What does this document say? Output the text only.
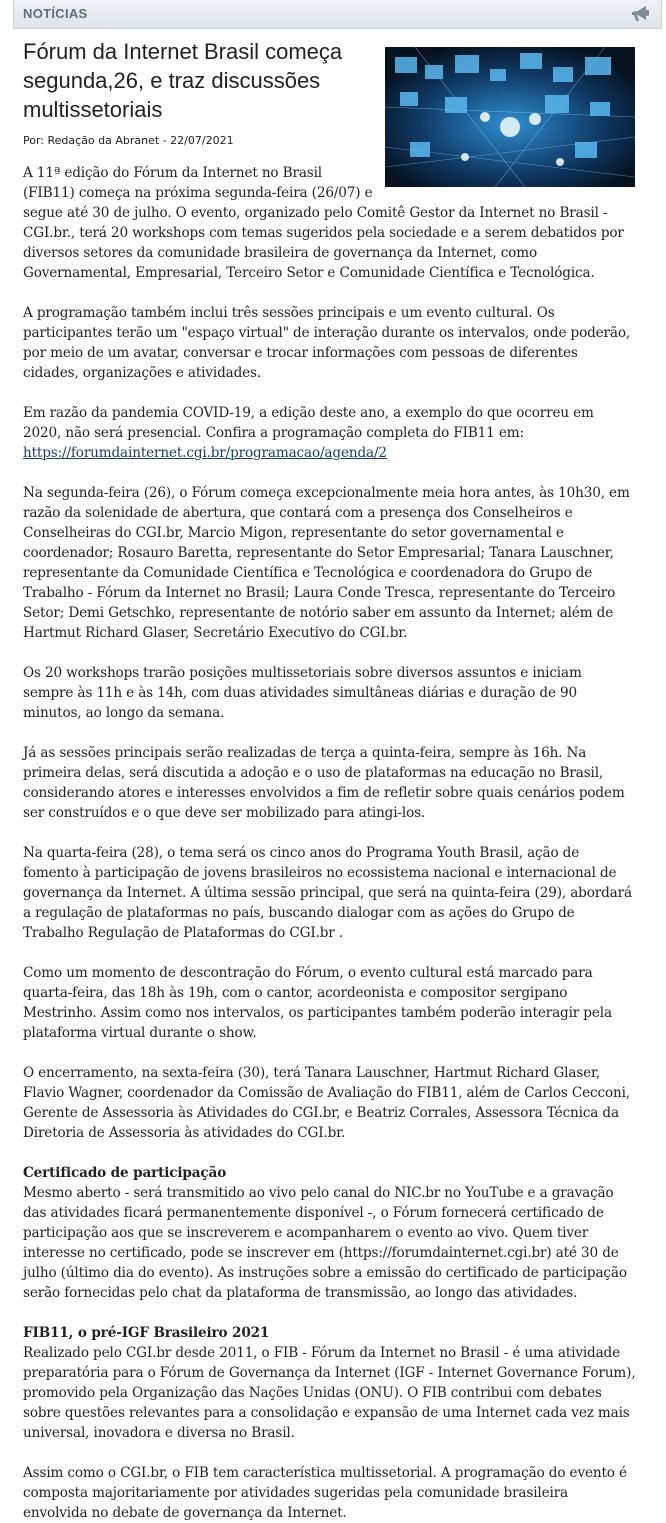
NOTÍCIAS
Fórum da Internet Brasil começa segunda,26, e traz discussões multissetoriais
Por: Redação da Abranet - 22/07/2021

A 11ª edição do Fórum da Internet no Brasil (FIB11) começa na próxima segunda-feira (26/07) e segue até 30 de julho. O evento, organizado pelo Comitê Gestor da Internet no Brasil - CGI.br., terá 20 workshops com temas sugeridos pela sociedade e a serem debatidos por diversos setores da comunidade brasileira de governança da Internet, como Governamental, Empresarial, Terceiro Setor e Comunidade Científica e Tecnológica.

A programação também inclui três sessões principais e um evento cultural. Os participantes terão um "espaço virtual" de interação durante os intervalos, onde poderão, por meio de um avatar, conversar e trocar informações com pessoas de diferentes cidades, organizações e atividades.

Em razão da pandemia COVID-19, a edição deste ano, a exemplo do que ocorreu em 2020, não será presencial. Confira a programação completa do FIB11 em: https://forumdainternet.cgi.br/programacao/agenda/2

Na segunda-feira (26), o Fórum começa excepcionalmente meia hora antes, às 10h30, em razão da solenidade de abertura, que contará com a presença dos Conselheiros e Conselheiras do CGI.br, Marcio Migon, representante do setor governamental e coordenador; Rosauro Baretta, representante do Setor Empresarial; Tanara Lauschner, representante da Comunidade Científica e Tecnológica e coordenadora do Grupo de Trabalho - Fórum da Internet no Brasil; Laura Conde Tresca, representante do Terceiro Setor; Demi Getschko, representante de notório saber em assunto da Internet; além de Hartmut Richard Glaser, Secretário Executivo do CGI.br.

Os 20 workshops trarão posições multissetoriais sobre diversos assuntos e iniciam sempre às 11h e às 14h, com duas atividades simultâneas diárias e duração de 90 minutos, ao longo da semana.

Já as sessões principais serão realizadas de terça a quinta-feira, sempre às 16h. Na primeira delas, será discutida a adoção e o uso de plataformas na educação no Brasil, considerando atores e interesses envolvidos a fim de refletir sobre quais cenários podem ser construídos e o que deve ser mobilizado para atingi-los.

Na quarta-feira (28), o tema será os cinco anos do Programa Youth Brasil, ação de fomento à participação de jovens brasileiros no ecossistema nacional e internacional de governança da Internet. A última sessão principal, que será na quinta-feira (29), abordará a regulação de plataformas no país, buscando dialogar com as ações do Grupo de Trabalho Regulação de Plataformas do CGI.br .

Como um momento de descontração do Fórum, o evento cultural está marcado para quarta-feira, das 18h às 19h, com o cantor, acordeonista e compositor sergipano Mestrinho. Assim como nos intervalos, os participantes também poderão interagir pela plataforma virtual durante o show.

O encerramento, na sexta-feira (30), terá Tanara Lauschner, Hartmut Richard Glaser, Flavio Wagner, coordenador da Comissão de Avaliação do FIB11, além de Carlos Cecconi, Gerente de Assessoria às Atividades do CGI.br, e Beatriz Corrales, Assessora Técnica da Diretoria de Assessoria às atividades do CGI.br.

Certificado de participação
Mesmo aberto - será transmitido ao vivo pelo canal do NIC.br no YouTube e a gravação das atividades ficará permanentemente disponível -, o Fórum fornecerá certificado de participação aos que se inscreverem e acompanharem o evento ao vivo. Quem tiver interesse no certificado, pode se inscrever em (https://forumdainternet.cgi.br) até 30 de julho (último dia do evento). As instruções sobre a emissão do certificado de participação serão fornecidas pelo chat da plataforma de transmissão, ao longo das atividades.

FIB11, o pré-IGF Brasileiro 2021
Realizado pelo CGI.br desde 2011, o FIB - Fórum da Internet no Brasil - é uma atividade preparatória para o Fórum de Governança da Internet (IGF - Internet Governance Forum), promovido pela Organização das Nações Unidas (ONU). O FIB contribui com debates sobre questões relevantes para a consolidação e expansão de uma Internet cada vez mais universal, inovadora e diversa no Brasil.

Assim como o CGI.br, o FIB tem característica multissetorial. A programação do evento é composta majoritariamente por atividades sugeridas pela comunidade brasileira envolvida no debate de governança da Internet.
